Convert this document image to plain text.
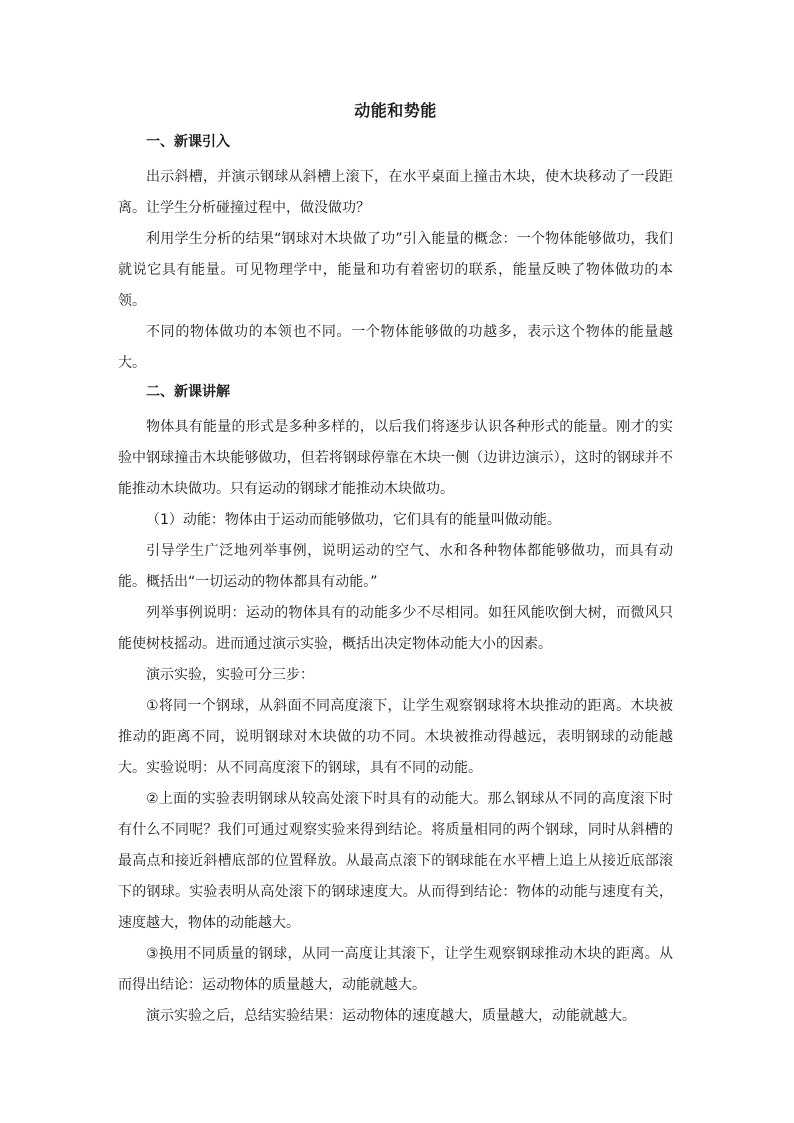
动能和势能
一、新课引入

出示斜槽，并演示钢球从斜槽上滚下，在水平桌面上撞击木块，使木块移动了一段距离。让学生分析碰撞过程中，做没做功？

利用学生分析的结果“钢球对木块做了功”引入能量的概念：一个物体能够做功，我们就说它具有能量。可见物理学中，能量和功有着密切的联系，能量反映了物体做功的本领。

不同的物体做功的本领也不同。一个物体能够做的功越多，表示这个物体的能量越大。

二、新课讲解

物体具有能量的形式是多种多样的，以后我们将逐步认识各种形式的能量。刚才的实验中钢球撞击木块能够做功，但若将钢球停靠在木块一侧（边讲边演示），这时的钢球并不能推动木块做功。只有运动的钢球才能推动木块做功。

（1）动能：物体由于运动而能够做功，它们具有的能量叫做动能。

引导学生广泛地列举事例，说明运动的空气、水和各种物体都能够做功，而具有动能。概括出“一切运动的物体都具有动能。”

列举事例说明：运动的物体具有的动能多少不尽相同。如狂风能吹倒大树，而微风只能使树枝摇动。进而通过演示实验，概括出决定物体动能大小的因素。

演示实验，实验可分三步：

①将同一个钢球，从斜面不同高度滚下，让学生观察钢球将木块推动的距离。木块被推动的距离不同，说明钢球对木块做的功不同。木块被推动得越远，表明钢球的动能越大。实验说明：从不同高度滚下的钢球，具有不同的动能。

②上面的实验表明钢球从较高处滚下时具有的动能大。那么钢球从不同的高度滚下时有什么不同呢？我们可通过观察实验来得到结论。将质量相同的两个钢球，同时从斜槽的最高点和接近斜槽底部的位置释放。从最高点滚下的钢球能在水平槽上追上从接近底部滚下的钢球。实验表明从高处滚下的钢球速度大。从而得到结论：物体的动能与速度有关，速度越大，物体的动能越大。

③换用不同质量的钢球，从同一高度让其滚下，让学生观察钢球推动木块的距离。从而得出结论：运动物体的质量越大，动能就越大。

演示实验之后，总结实验结果：运动物体的速度越大，质量越大，动能就越大。
